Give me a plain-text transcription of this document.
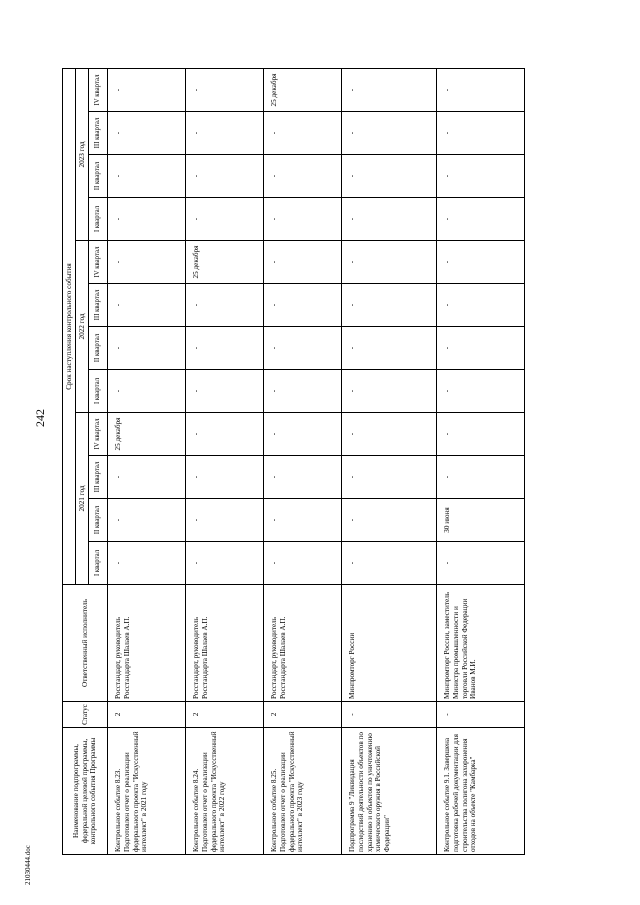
242
21030444.doc
Наименование подпрограммы, федеральной целевой программы, контрольного события Программы	Статус	Ответственный исполнитель	Срок наступления контрольного события											
			2021 год				2022 год				2023 год			
			I квартал	II квартал	III квартал	IV квартал	I квартал	II квартал	III квартал	IV квартал	I квартал	II квартал	III квартал	IV квартал
Контрольное событие 8.23. Подготовлен отчет о реализации федерального проекта "Искусственный интеллект" в 2021 году	2	Росстандарт, руководитель Росстандарта Шалаев А.П.	-	-	-	25 декабря	-	-	-	-	-	-	-	-
Контрольное событие 8.24. Подготовлен отчет о реализации федерального проекта "Искусственный интеллект" в 2022 году	2	Росстандарт, руководитель Росстандарта Шалаев А.П.	-	-	-	-	-	-	-	25 декабря	-	-	-	-
Контрольное событие 8.25. Подготовлен отчет о реализации федерального проекта "Искусственный интеллект" в 2023 году	2	Росстандарт, руководитель Росстандарта Шалаев А.П.	-	-	-	-	-	-	-	-	-	-	-	25 декабря
Подпрограмма 9 "Ликвидация последствий деятельности объектов по хранению и объектов по уничтожению химического оружия в Российской Федерации"	-	Минпромторг России	-	-	-	-	-	-	-	-	-	-	-	-
Контрольное событие 9.1. Завершена подготовка рабочей документации для строительства полигона захоронения отходов на объекте "Камбарка"	-	Минпромторг России, заместитель Министра промышленности и торговли Российской Федерации Иванов М.И.	-	30 июня	-	-	-	-	-	-	-	-	-	-
